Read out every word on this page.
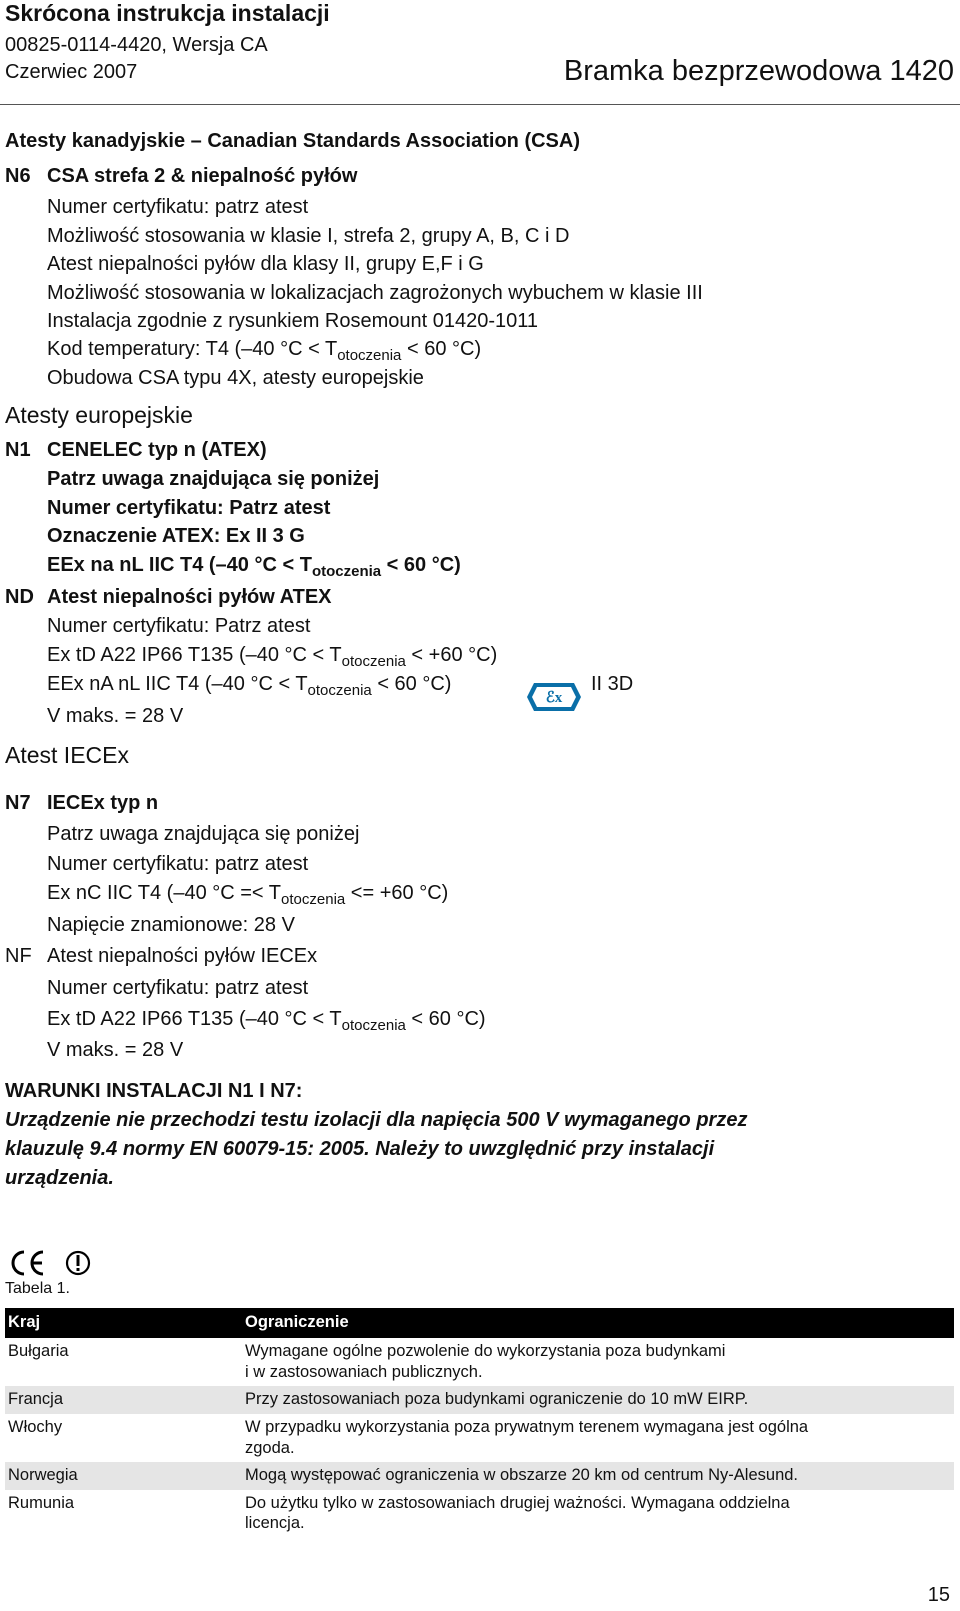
Skrócona instrukcja instalacji
00825-0114-4420, Wersja CA
Czerwiec 2007	Bramka bezprzewodowa 1420
Atesty kanadyjskie – Canadian Standards Association (CSA)
N6 CSA strefa 2 & niepalność pyłów
Numer certyfikatu: patrz atest
Możliwość stosowania w klasie I, strefa 2, grupy A, B, C i D
Atest niepalności pyłów dla klasy II, grupy E,F i G
Możliwość stosowania w lokalizacjach zagrożonych wybuchem w klasie III
Instalacja zgodnie z rysunkiem Rosemount 01420-1011
Kod temperatury: T4 (–40 $^\circ C < T_{otoczenia} < 60$ °C)
Obudowa CSA typu 4X, atesty europejskie
Atesty europejskie
N1 CENELEC typ n (ATEX)
Patrz uwaga znajdująca się poniżej
Numer certyfikatu: Patrz atest
Oznaczenie ATEX: Ex II 3 G
EEx na nL IIC T4 (–40 $^\circ C < T_{otoczenia} < 60$ °C)
ND Atest niepalności pyłów ATEX
Numer certyfikatu: Patrz atest
Ex tD A22 IP66 T135 (–40 $^\circ C < T_{otoczenia} < +60$ °C)
EEx nA nL IIC T4 (–40 $^\circ C < T_{otoczenia} < 60$ °C)
ℰx
II 3D
V maks. = 28 V
Atest IECEx
N7 IECEx typ n
Patrz uwaga znajdująca się poniżej
Numer certyfikatu: patrz atest
Ex nC IIC T4 (–40 $^\circ C =< T_{otoczenia} <= +60$ °C)
Napięcie znamionowe: 28 V
NF Atest niepalności pyłów IECEx
Numer certyfikatu: patrz atest
Ex tD A22 IP66 T135 (–40 $^\circ C < T_{otoczenia} < 60$ °C)
V maks. = 28 V
WARUNKI INSTALACJI N1 I N7:
Urządzenie nie przechodzi testu izolacji dla napięcia 500 V wymaganego przez
klauzulę 9.4 normy EN 60079-15: 2005. Należy to uwzględnić przy instalacji
urządzenia.
Tabela 1.
Kraj	Ograniczenie
Bułgaria	Wymagane ogólne pozwolenie do wykorzystania poza budynkami
i w zastosowaniach publicznych.
Francja	Przy zastosowaniach poza budynkami ograniczenie do 10 mW EIRP.
Włochy	W przypadku wykorzystania poza prywatnym terenem wymagana jest ogólna
zgoda.
Norwegia	Mogą występować ograniczenia w obszarze 20 km od centrum Ny-Alesund.
Rumunia	Do użytku tylko w zastosowaniach drugiej ważności. Wymagana oddzielna
licencja.
15
